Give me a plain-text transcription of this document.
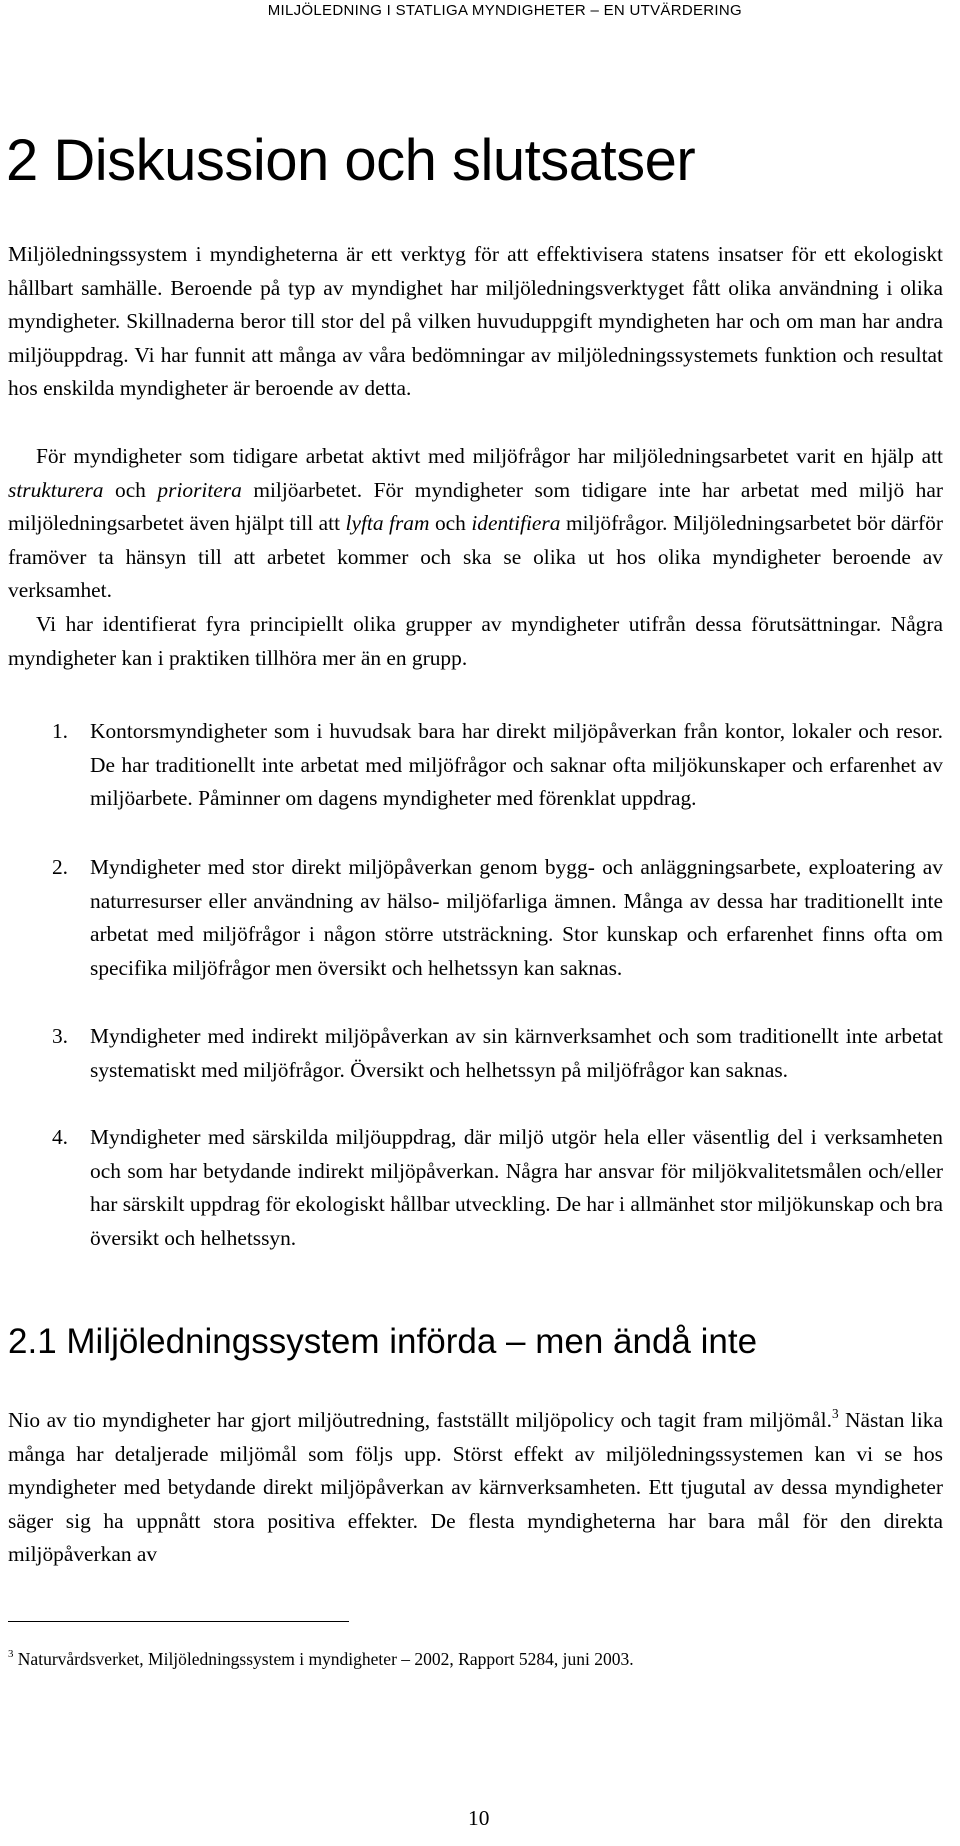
MILJÖLEDNING I STATLIGA MYNDIGHETER – EN UTVÄRDERING
2 Diskussion och slutsatser

Miljöledningssystem i myndigheterna är ett verktyg för att effektivisera statens insatser för ett ekologiskt hållbart samhälle. Beroende på typ av myndighet har miljöledningsverktyget fått olika användning i olika myndigheter. Skillnaderna beror till stor del på vilken huvuduppgift myndigheten har och om man har andra miljöuppdrag. Vi har funnit att många av våra bedömningar av miljöledningssystemets funktion och resultat hos enskilda myndigheter är beroende av detta.

För myndigheter som tidigare arbetat aktivt med miljöfrågor har miljöledningsarbetet varit en hjälp att strukturera och prioritera miljöarbetet. För myndigheter som tidigare inte har arbetat med miljö har miljöledningsarbetet även hjälpt till att lyfta fram och identifiera miljöfrågor. Miljöledningsarbetet bör därför framöver ta hänsyn till att arbetet kommer och ska se olika ut hos olika myndigheter beroende av verksamhet.

Vi har identifierat fyra principiellt olika grupper av myndigheter utifrån dessa förutsättningar. Några myndigheter kan i praktiken tillhöra mer än en grupp.

1. Kontorsmyndigheter som i huvudsak bara har direkt miljöpåverkan från kontor, lokaler och resor. De har traditionellt inte arbetat med miljöfrågor och saknar ofta miljökunskaper och erfarenhet av miljöarbete. Påminner om dagens myndigheter med förenklat uppdrag.

2. Myndigheter med stor direkt miljöpåverkan genom bygg- och anläggningsarbete, exploatering av naturresurser eller användning av hälso- miljöfarliga ämnen. Många av dessa har traditionellt inte arbetat med miljöfrågor i någon större utsträckning. Stor kunskap och erfarenhet finns ofta om specifika miljöfrågor men översikt och helhetssyn kan saknas.

3. Myndigheter med indirekt miljöpåverkan av sin kärnverksamhet och som traditionellt inte arbetat systematiskt med miljöfrågor. Översikt och helhetssyn på miljöfrågor kan saknas.

4. Myndigheter med särskilda miljöuppdrag, där miljö utgör hela eller väsentlig del i verksamheten och som har betydande indirekt miljöpåverkan. Några har ansvar för miljökvalitetsmålen och/eller har särskilt uppdrag för ekologiskt hållbar utveckling. De har i allmänhet stor miljökunskap och bra översikt och helhetssyn.

2.1 Miljöledningssystem införda – men ändå inte

Nio av tio myndigheter har gjort miljöutredning, fastställt miljöpolicy och tagit fram miljömål.$^3$ Nästan lika många har detaljerade miljömål som följs upp. Störst effekt av miljöledningssystemen kan vi se hos myndigheter med betydande direkt miljöpåverkan av kärnverksamheten. Ett tjugutal av dessa myndigheter säger sig ha uppnått stora positiva effekter. De flesta myndigheterna har bara mål för den direkta miljöpåverkan av

$^3$ Naturvårdsverket, Miljöledningssystem i myndigheter – 2002, Rapport 5284, juni 2003.

10
